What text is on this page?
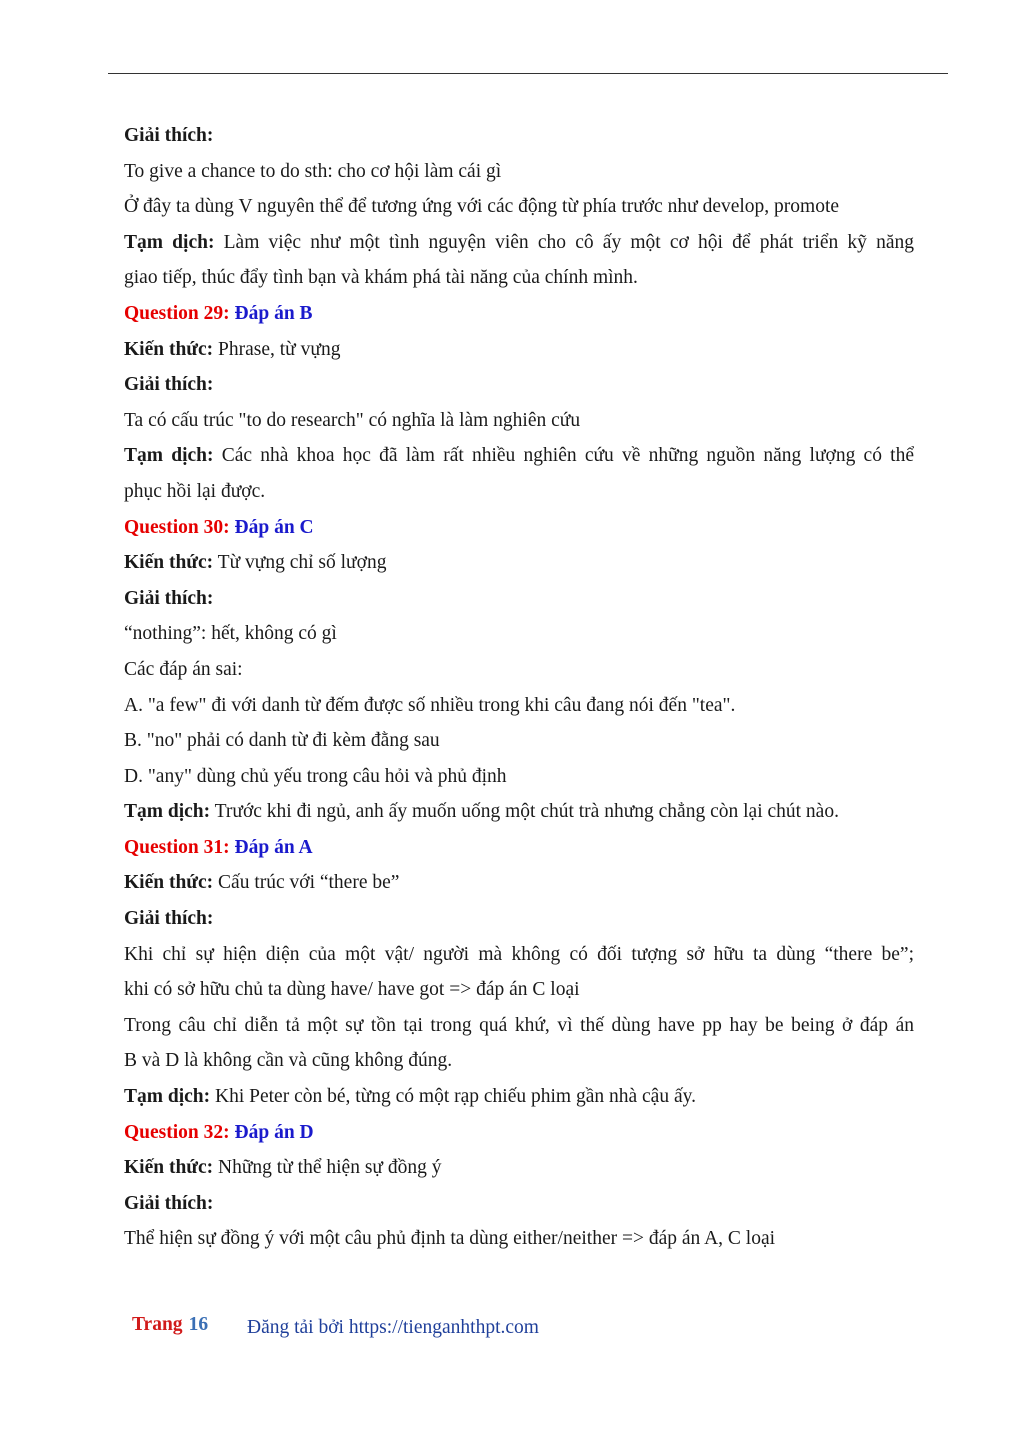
Giải thích:
To give a chance to do sth: cho cơ hội làm cái gì
Ở đây ta dùng V nguyên thể để tương ứng với các động từ phía trước như develop, promote
Tạm dịch: Làm việc như một tình nguyện viên cho cô ấy một cơ hội để phát triển kỹ năng
giao tiếp, thúc đẩy tình bạn và khám phá tài năng của chính mình.
Question 29: Đáp án B
Kiến thức: Phrase, từ vựng
Giải thích:
Ta có cấu trúc "to do research" có nghĩa là làm nghiên cứu
Tạm dịch: Các nhà khoa học đã làm rất nhiều nghiên cứu về những nguồn năng lượng có thể
phục hồi lại được.
Question 30: Đáp án C
Kiến thức: Từ vựng chỉ số lượng
Giải thích:
“nothing”: hết, không có gì
Các đáp án sai:
A. "a few" đi với danh từ đếm được số nhiều trong khi câu đang nói đến "tea".
B. "no" phải có danh từ đi kèm đằng sau
D. "any" dùng chủ yếu trong câu hỏi và phủ định
Tạm dịch: Trước khi đi ngủ, anh ấy muốn uống một chút trà nhưng chẳng còn lại chút nào.
Question 31: Đáp án A
Kiến thức: Cấu trúc với “there be”
Giải thích:
Khi chỉ sự hiện diện của một vật/ người mà không có đối tượng sở hữu ta dùng “there be”;
khi có sở hữu chủ ta dùng have/ have got => đáp án C loại
Trong câu chỉ diễn tả một sự tồn tại trong quá khứ, vì thế dùng have pp hay be being ở đáp án
B và D là không cần và cũng không đúng.
Tạm dịch: Khi Peter còn bé, từng có một rạp chiếu phim gần nhà cậu ấy.
Question 32: Đáp án D
Kiến thức: Những từ thể hiện sự đồng ý
Giải thích:
Thể hiện sự đồng ý với một câu phủ định ta dùng either/neither => đáp án A, C loại
Trang 16 Đăng tải bởi https://tienganhthpt.com
